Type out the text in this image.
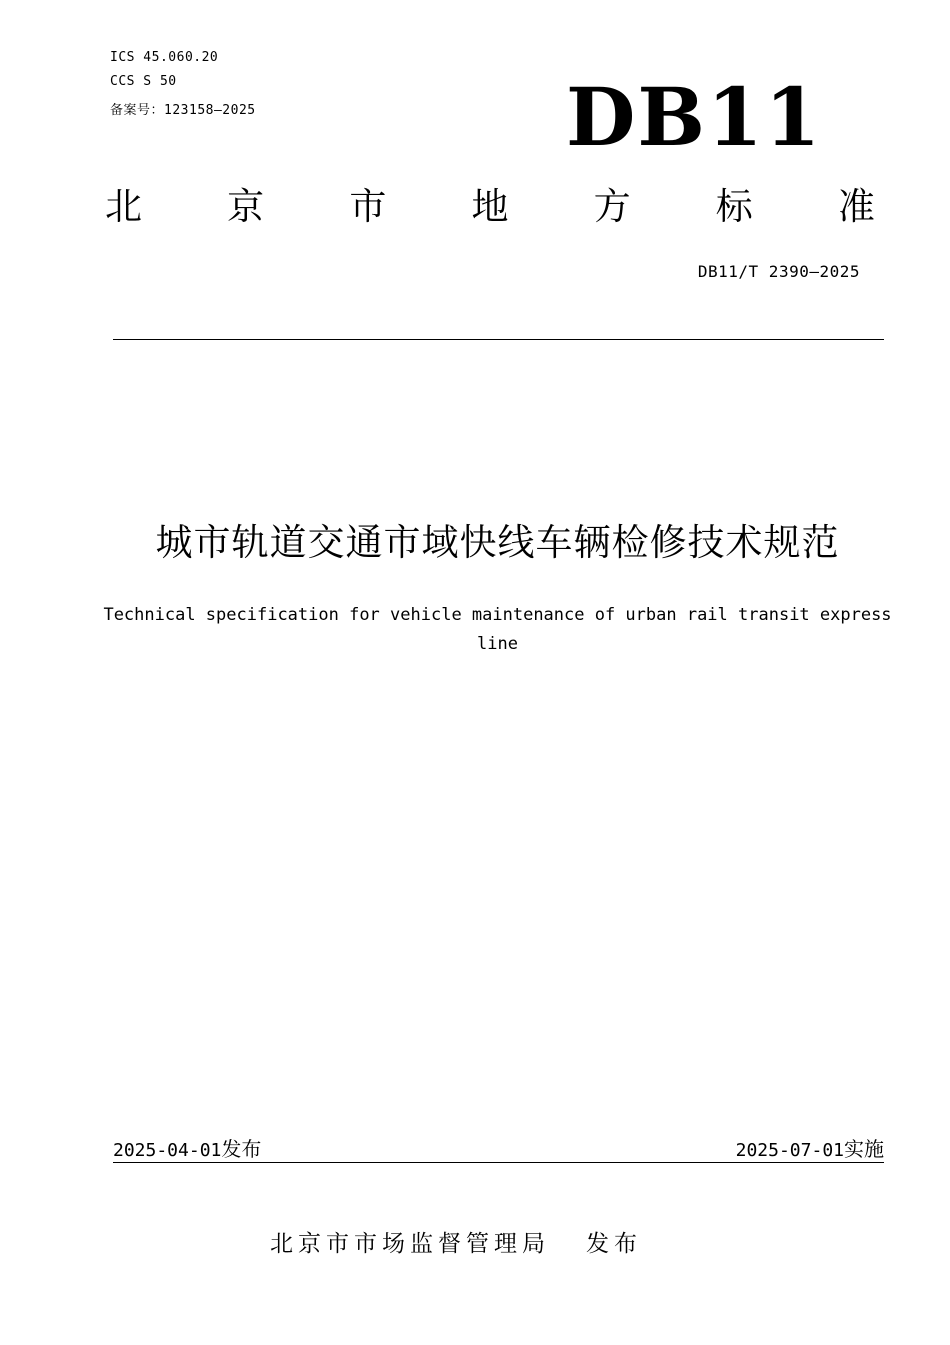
ICS 45.060.20
CCS S 50
备案号：123158—2025	DB11
北 京 市 地 方 标 准
DB11/T 2390—2025
城市轨道交通市域快线车辆检修技术规范
Technical specification for vehicle maintenance of urban rail transit express line
2025-04-01发布	2025-07-01实施
北京市市场监督管理局 发布
